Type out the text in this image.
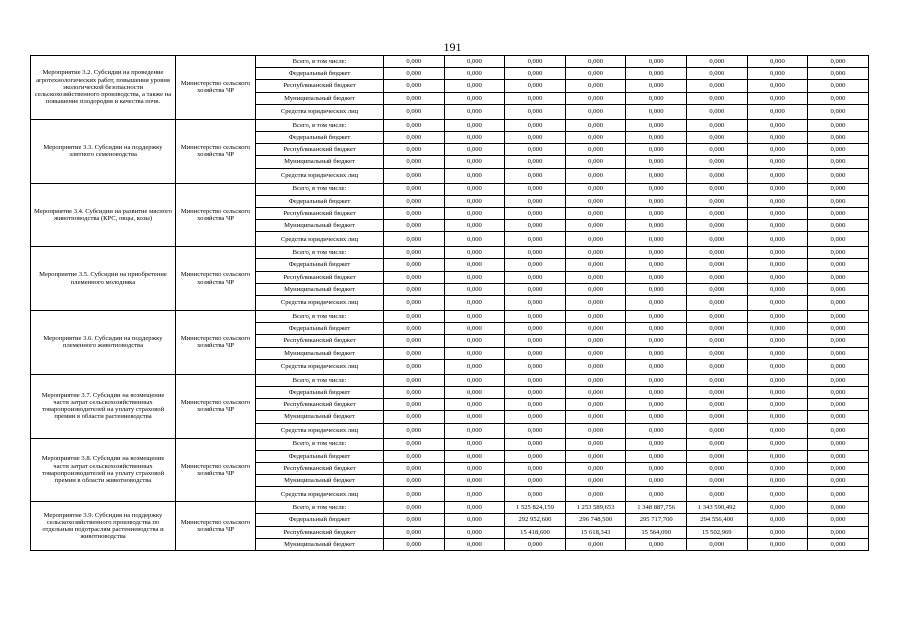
191
Мероприятие 3.2. Субсидии на проведение агротехнологических работ, повышения уровня экологической безопасности сельскохозяйственного производства, а также на повышение плодородия и качества почв.	Министерство сельского хозяйства ЧР	Всего, в том числе:	0,000	0,000	0,000	0,000	0,000	0,000	0,000	0,000
		Федеральный бюджет	0,000	0,000	0,000	0,000	0,000	0,000	0,000	0,000
		Республиканский бюджет	0,000	0,000	0,000	0,000	0,000	0,000	0,000	0,000
		Муниципальный бюджет	0,000	0,000	0,000	0,000	0,000	0,000	0,000	0,000
		Средства юридических лиц	0,000	0,000	0,000	0,000	0,000	0,000	0,000	0,000
Мероприятие 3.3. Субсидии на поддержку элитного семеноводства	Министерство сельского хозяйства ЧР	Всего, в том числе:	0,000	0,000	0,000	0,000	0,000	0,000	0,000	0,000
		Федеральный бюджет	0,000	0,000	0,000	0,000	0,000	0,000	0,000	0,000
		Республиканский бюджет	0,000	0,000	0,000	0,000	0,000	0,000	0,000	0,000
		Муниципальный бюджет	0,000	0,000	0,000	0,000	0,000	0,000	0,000	0,000
		Средства юридических лиц	0,000	0,000	0,000	0,000	0,000	0,000	0,000	0,000
Мероприятие 3.4. Субсидии на развитие мясного животноводства (КРС, овцы, козы)	Министерство сельского хозяйства ЧР	Всего, в том числе:	0,000	0,000	0,000	0,000	0,000	0,000	0,000	0,000
		Федеральный бюджет	0,000	0,000	0,000	0,000	0,000	0,000	0,000	0,000
		Республиканский бюджет	0,000	0,000	0,000	0,000	0,000	0,000	0,000	0,000
		Муниципальный бюджет	0,000	0,000	0,000	0,000	0,000	0,000	0,000	0,000
		Средства юридических лиц	0,000	0,000	0,000	0,000	0,000	0,000	0,000	0,000
Мероприятие 3.5. Субсидии на приобретение племенного молодняка	Министерство сельского хозяйства ЧР	Всего, в том числе:	0,000	0,000	0,000	0,000	0,000	0,000	0,000	0,000
		Федеральный бюджет	0,000	0,000	0,000	0,000	0,000	0,000	0,000	0,000
		Республиканский бюджет	0,000	0,000	0,000	0,000	0,000	0,000	0,000	0,000
		Муниципальный бюджет	0,000	0,000	0,000	0,000	0,000	0,000	0,000	0,000
		Средства юридических лиц	0,000	0,000	0,000	0,000	0,000	0,000	0,000	0,000
Мероприятие 3.6. Субсидии на поддержку племенного животноводства	Министерство сельского хозяйства ЧР	Всего, в том числе:	0,000	0,000	0,000	0,000	0,000	0,000	0,000	0,000
		Федеральный бюджет	0,000	0,000	0,000	0,000	0,000	0,000	0,000	0,000
		Республиканский бюджет	0,000	0,000	0,000	0,000	0,000	0,000	0,000	0,000
		Муниципальный бюджет	0,000	0,000	0,000	0,000	0,000	0,000	0,000	0,000
		Средства юридических лиц	0,000	0,000	0,000	0,000	0,000	0,000	0,000	0,000
Мероприятие 3.7. Субсидии на возмещение части затрат сельскохозяйственных товаропроизводителей на уплату страховой премии в области растениеводства	Министерство сельского хозяйства ЧР	Всего, в том числе:	0,000	0,000	0,000	0,000	0,000	0,000	0,000	0,000
		Федеральный бюджет	0,000	0,000	0,000	0,000	0,000	0,000	0,000	0,000
		Республиканский бюджет	0,000	0,000	0,000	0,000	0,000	0,000	0,000	0,000
		Муниципальный бюджет	0,000	0,000	0,000	0,000	0,000	0,000	0,000	0,000
		Средства юридических лиц	0,000	0,000	0,000	0,000	0,000	0,000	0,000	0,000
Мероприятие 3.8. Субсидии на возмещение части затрат сельскохозяйственных товаропроизводителей на уплату страховой премии в области животноводства	Министерство сельского хозяйства ЧР	Всего, в том числе:	0,000	0,000	0,000	0,000	0,000	0,000	0,000	0,000
		Федеральный бюджет	0,000	0,000	0,000	0,000	0,000	0,000	0,000	0,000
		Республиканский бюджет	0,000	0,000	0,000	0,000	0,000	0,000	0,000	0,000
		Муниципальный бюджет	0,000	0,000	0,000	0,000	0,000	0,000	0,000	0,000
		Средства юридических лиц	0,000	0,000	0,000	0,000	0,000	0,000	0,000	0,000
Мероприятие 3.9. Субсидия на поддержку сельскохозяйственного производства по отдельным подотраслям растениеводства и животноводства	Министерство сельского хозяйства ЧР	Всего, в том числе:	0,000	0,000	1 525 824,159	1 253 589,653	1 348 887,756	1 343 590,492	0,000	0,000
		Федеральный бюджет	0,000	0,000	292 952,600	296 748,500	295 717,700	294 556,400	0,000	0,000
		Республиканский бюджет	0,000	0,000	15 418,600	15 618,343	15 564,090	15 502,969	0,000	0,000
		Муниципальный бюджет	0,000	0,000	0,000	0,000	0,000	0,000	0,000	0,000
